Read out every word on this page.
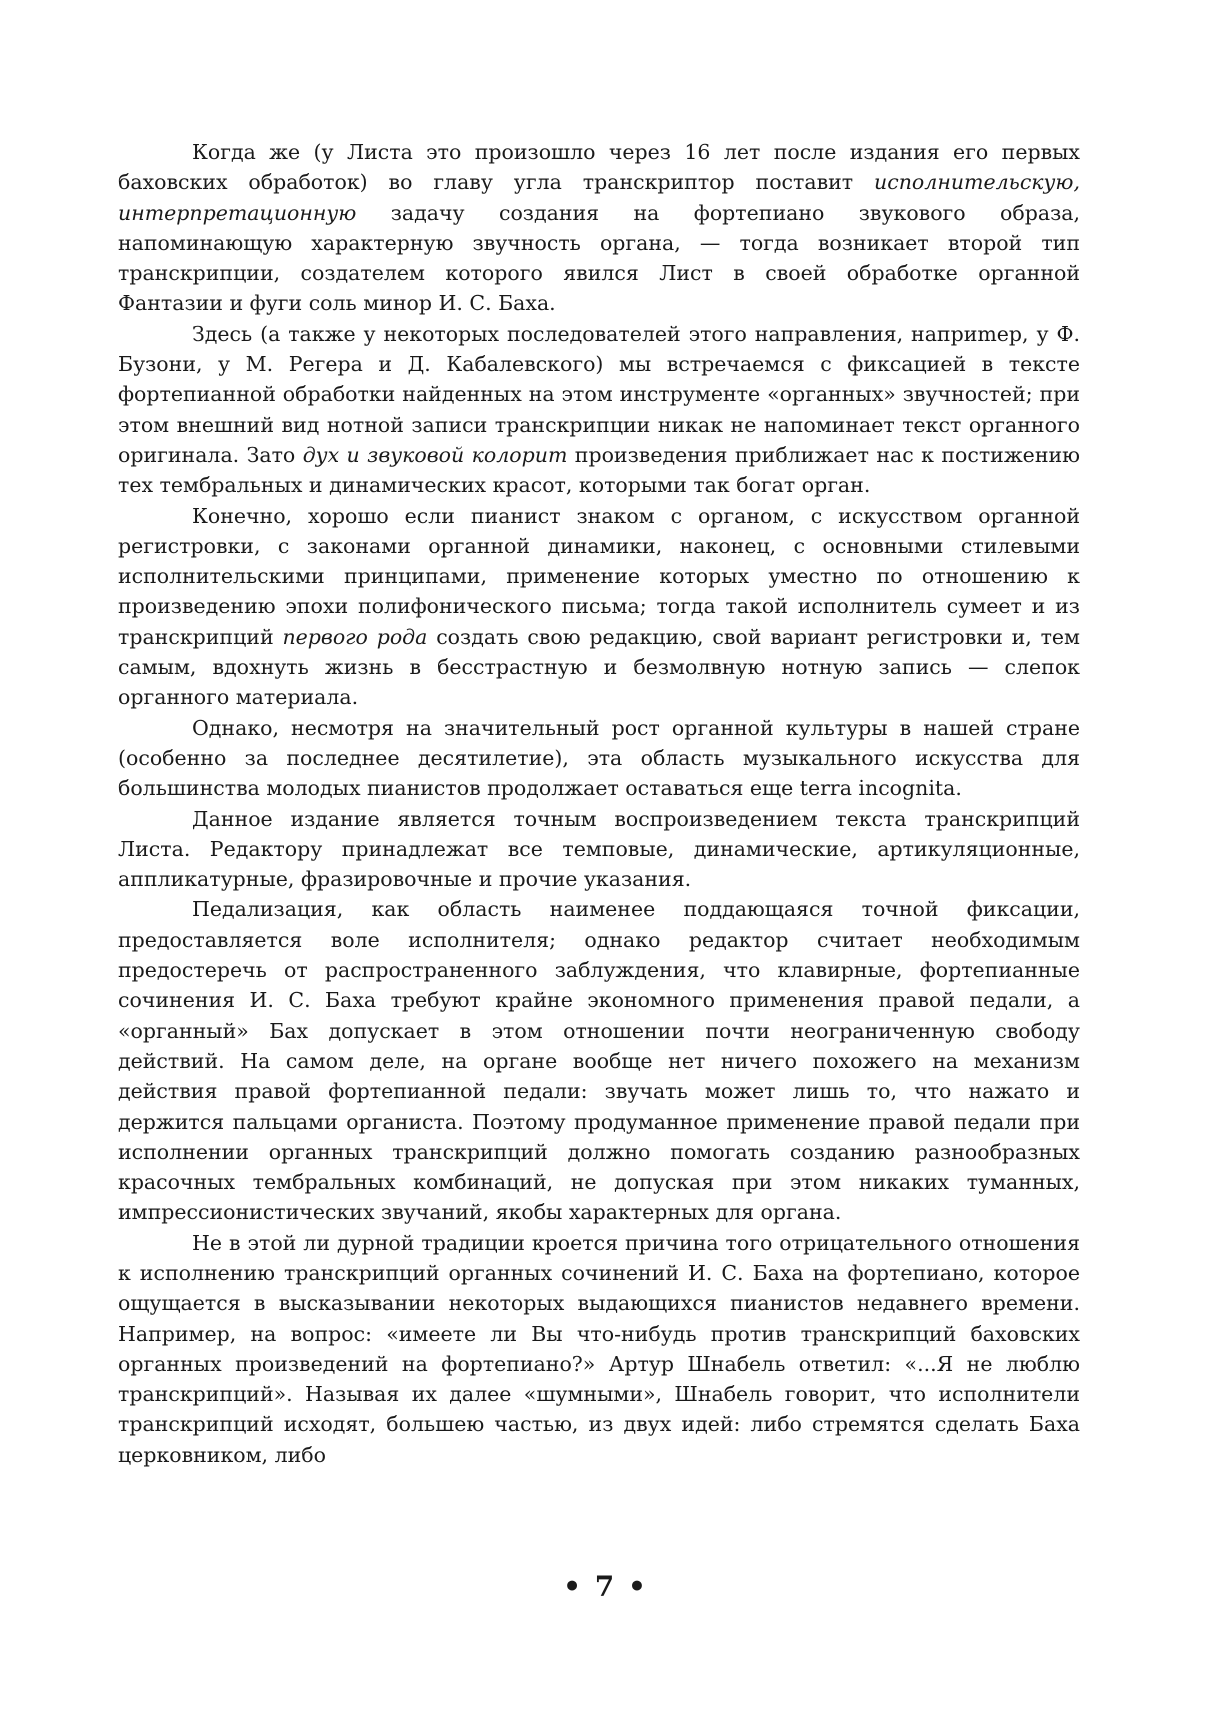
Когда же (у Листа это произошло через 16 лет после издания его первых баховских обработок) во главу угла транскриптор поставит исполнительскую, интерпретационную задачу создания на фортепиано звукового образа, напоминающую характерную звучность органа, — тогда возникает второй тип транскрипции, создателем которого явился Лист в своей обработке органной Фантазии и фуги соль минор И. С. Баха.

Здесь (а также у некоторых последователей этого направления, наприmер, у Ф. Бузони, у М. Регера и Д. Кабалевского) мы встречаемся с фиксацией в тексте фортепианной обработки найденных на этом инструменте «органных» звучностей; при этом внешний вид нотной записи транскрипции никак не напоминает текст органного оригинала. Зато дух и звуковой колорит произведения приближает нас к постижению тех тембральных и динамических красот, которыми так богат орган.

Конечно, хорошо если пианист знаком с органом, с искусством органной регистровки, с законами органной динамики, наконец, с основными стилевыми исполнительскими принципами, применение которых уместно по отношению к произведению эпохи полифонического письма; тогда такой исполнитель сумеет и из транскрипций первого рода создать свою редакцию, свой вариант регистровки и, тем самым, вдохнуть жизнь в бесстрастную и безмолвную нотную запись — слепок органного материала.

Однако, несмотря на значительный рост органной культуры в нашей стране (особенно за последнее десятилетие), эта область музыкального искусства для большинства молодых пианистов продолжает оставаться еще terra incognita.

Данное издание является точным воспроизведением текста транскрипций Листа. Редактору принадлежат все темповые, динамические, артикуляционные, аппликатурные, фразировочные и прочие указания.

Педализация, как область наименее поддающаяся точной фиксации, предоставляется воле исполнителя; однако редактор считает необходимым предостеречь от распространенного заблуждения, что клавирные, фортепианные сочинения И. С. Баха требуют крайне экономного применения правой педали, а «органный» Бах допускает в этом отношении почти неограниченную свободу действий. На самом деле, на органе вообще нет ничего похожего на механизм действия правой фортепианной педали: звучать может лишь то, что нажато и держится пальцами органиста. Поэтому продуманное применение правой педали при исполнении органных транскрипций должно помогать созданию разнообразных красочных тембральных комбинаций, не допуская при этом никаких туманных, импрессионистических звучаний, якобы характерных для органа.

Не в этой ли дурной традиции кроется причина того отрицательного отношения к исполнению транскрипций органных сочинений И. С. Баха на фортепиано, которое ощущается в высказывании некоторых выдающихся пианистов недавнего времени. Например, на вопрос: «имеете ли Вы что-нибудь против транскрипций баховских органных произведений на фортепиано?» Артур Шнабель ответил: «...Я не люблю транскрипций». Называя их далее «шумными», Шнабель говорит, что исполнители транскрипций исходят, большею частью, из двух идей: либо стремятся сделать Баха церковником, либо

• 7 •
